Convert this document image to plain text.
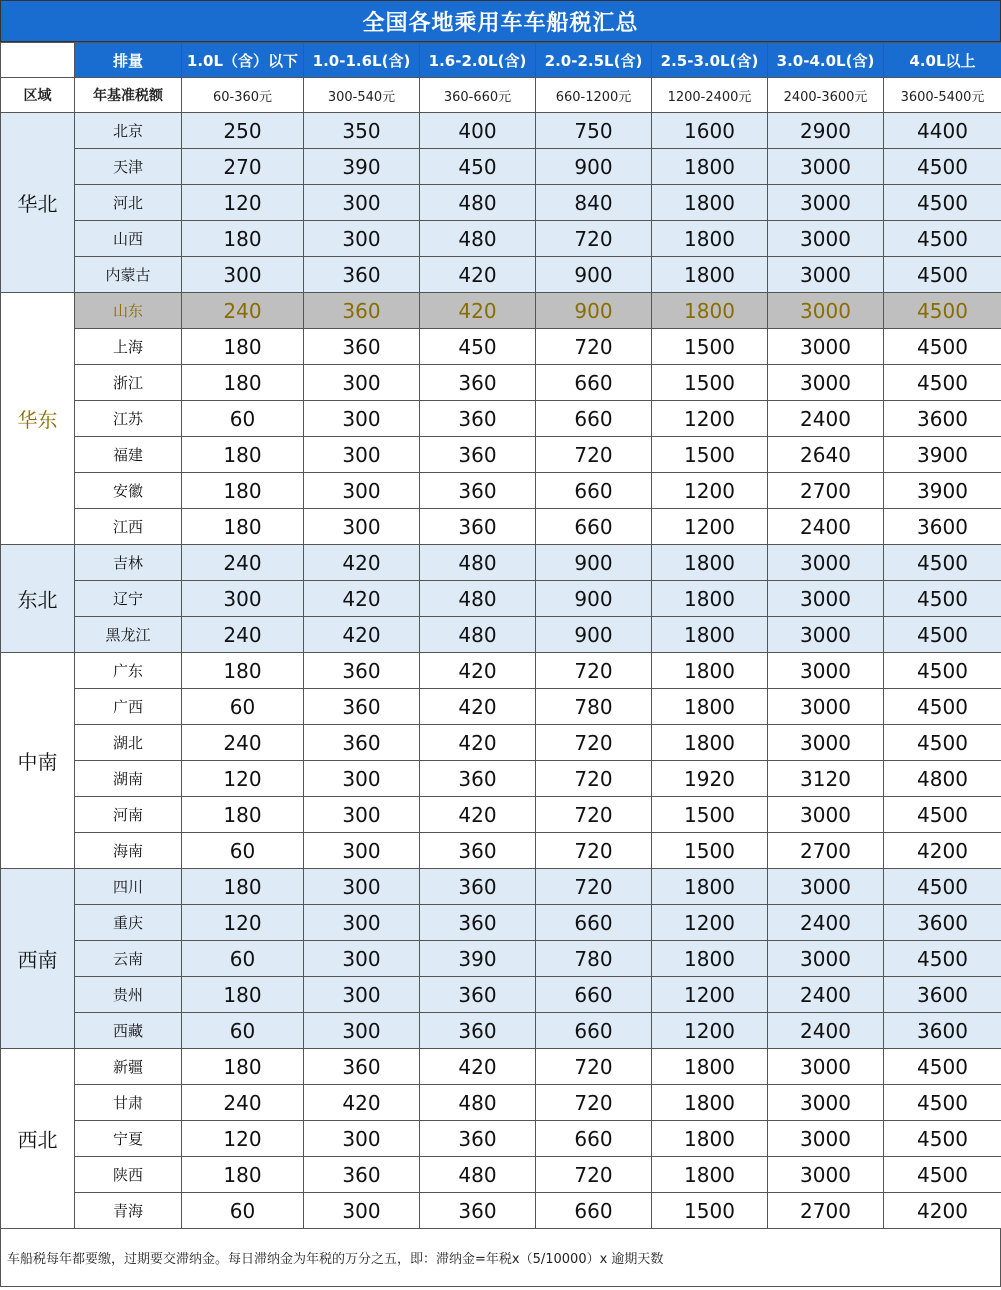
全国各地乘用车车船税汇总
	排量	1.0L（含）以下	1.0-1.6L(含)	1.6-2.0L(含)	2.0-2.5L(含)	2.5-3.0L(含)	3.0-4.0L(含)	4.0L以上
区域	年基准税额	60-360元	300-540元	360-660元	660-1200元	1200-2400元	2400-3600元	3600-5400元
华北	北京	250	350	400	750	1600	2900	4400
	天津	270	390	450	900	1800	3000	4500
	河北	120	300	480	840	1800	3000	4500
	山西	180	300	480	720	1800	3000	4500
	内蒙古	300	360	420	900	1800	3000	4500
华东	山东	240	360	420	900	1800	3000	4500
	上海	180	360	450	720	1500	3000	4500
	浙江	180	300	360	660	1500	3000	4500
	江苏	60	300	360	660	1200	2400	3600
	福建	180	300	360	720	1500	2640	3900
	安徽	180	300	360	660	1200	2700	3900
	江西	180	300	360	660	1200	2400	3600
东北	吉林	240	420	480	900	1800	3000	4500
	辽宁	300	420	480	900	1800	3000	4500
	黑龙江	240	420	480	900	1800	3000	4500
中南	广东	180	360	420	720	1800	3000	4500
	广西	60	360	420	780	1800	3000	4500
	湖北	240	360	420	720	1800	3000	4500
	湖南	120	300	360	720	1920	3120	4800
	河南	180	300	420	720	1500	3000	4500
	海南	60	300	360	720	1500	2700	4200
西南	四川	180	300	360	720	1800	3000	4500
	重庆	120	300	360	660	1200	2400	3600
	云南	60	300	390	780	1800	3000	4500
	贵州	180	300	360	660	1200	2400	3600
	西藏	60	300	360	660	1200	2400	3600
西北	新疆	180	360	420	720	1800	3000	4500
	甘肃	240	420	480	720	1800	3000	4500
	宁夏	120	300	360	660	1800	3000	4500
	陕西	180	360	480	720	1800	3000	4500
	青海	60	300	360	660	1500	2700	4200
车船税每年都要缴，过期要交滞纳金。每日滞纳金为年税的万分之五，即：滞纳金=年税x（5/10000）x 逾期天数
